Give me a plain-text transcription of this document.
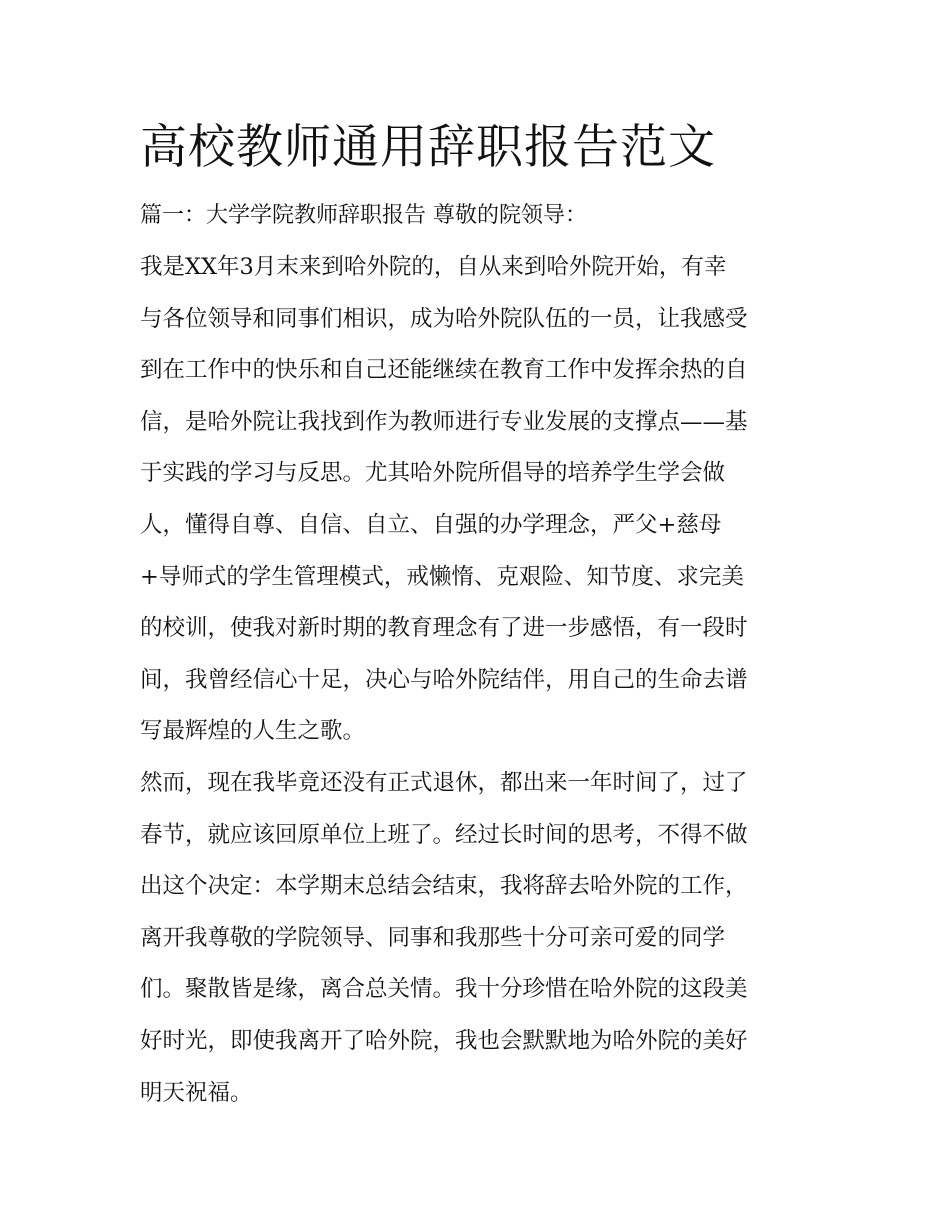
高校教师通用辞职报告范文
篇一：大学学院教师辞职报告 尊敬的院领导：
我是XX年3月末来到哈外院的，自从来到哈外院开始，有幸
与各位领导和同事们相识，成为哈外院队伍的一员，让我感受
到在工作中的快乐和自己还能继续在教育工作中发挥余热的自
信，是哈外院让我找到作为教师进行专业发展的支撑点——基
于实践的学习与反思。尤其哈外院所倡导的培养学生学会做
人，懂得自尊、自信、自立、自强的办学理念，严父+慈母
+导师式的学生管理模式，戒懒惰、克艰险、知节度、求完美
的校训，使我对新时期的教育理念有了进一步感悟，有一段时
间，我曾经信心十足，决心与哈外院结伴，用自己的生命去谱
写最辉煌的人生之歌。
然而，现在我毕竟还没有正式退休，都出来一年时间了，过了
春节，就应该回原单位上班了。经过长时间的思考，不得不做
出这个决定：本学期末总结会结束，我将辞去哈外院的工作，
离开我尊敬的学院领导、同事和我那些十分可亲可爱的同学
们。聚散皆是缘，离合总关情。我十分珍惜在哈外院的这段美
好时光，即使我离开了哈外院，我也会默默地为哈外院的美好
明天祝福。
